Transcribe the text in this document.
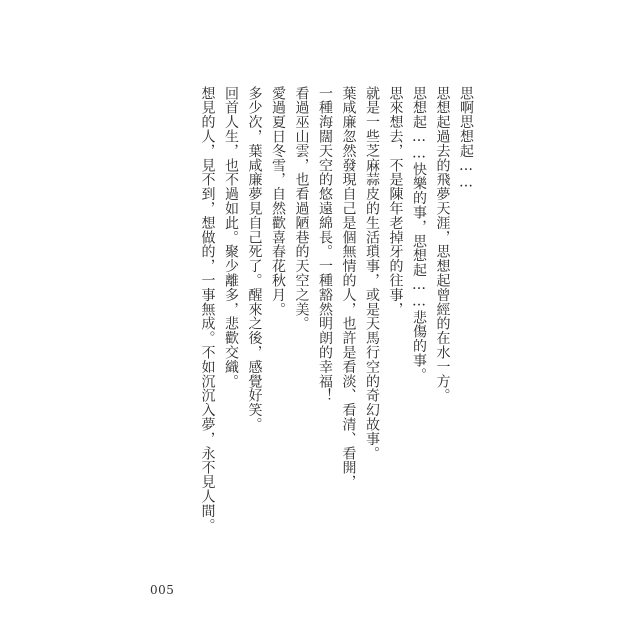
思啊思想起……
思想起過去的飛夢天涯，思想起曾經的在水一方。
思想起……快樂的事，思想起……悲傷的事。
思來想去，不是陳年老掉牙的往事，
就是一些芝麻蒜皮的生活瑣事，或是天馬行空的奇幻故事。
葉咸廉忽然發現自己是個無情的人，也許是看淡、看清、看開，
一種海闊天空的悠遠綿長。一種豁然明朗的幸福！
看過巫山雲，也看過陋巷的天空之美。
愛過夏日冬雪，自然歡喜春花秋月。
多少次，葉咸廉夢見自己死了。醒來之後，感覺好笑。
回首人生，也不過如此。聚少離多，悲歡交織。
想見的人，見不到，想做的，一事無成。不如沉沉入夢，永不見人間。
005
